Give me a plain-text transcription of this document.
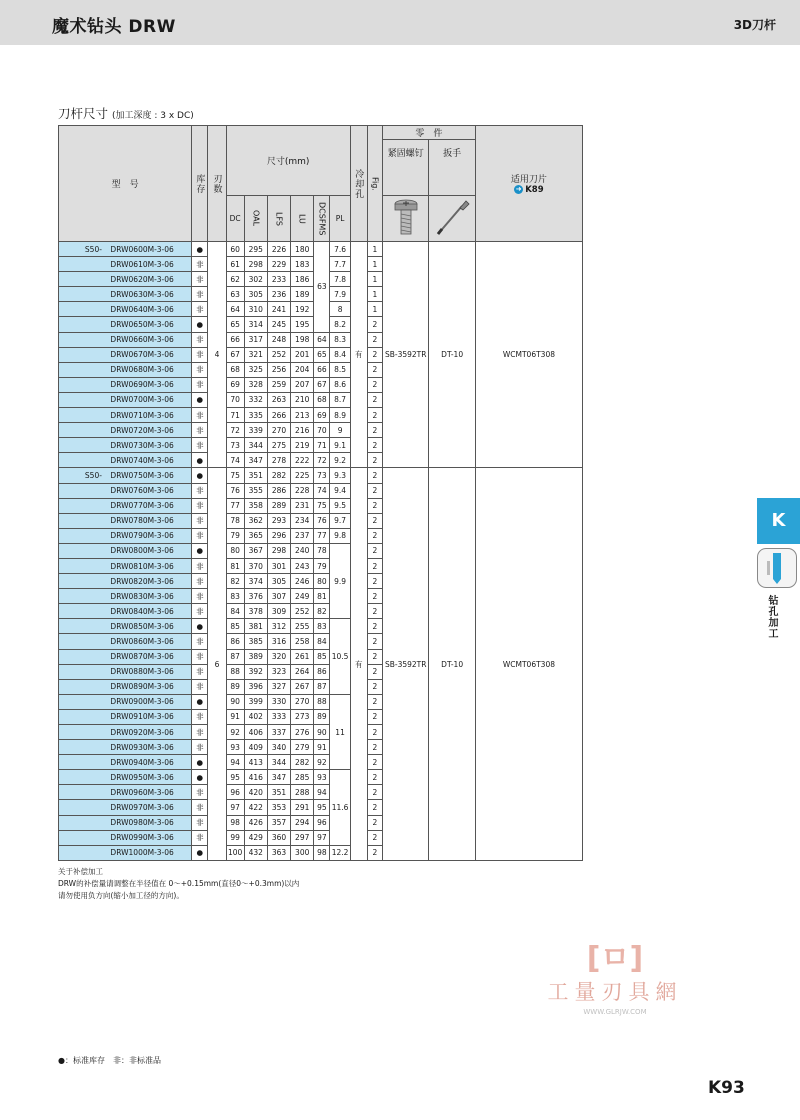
魔术钻头 DRW	3D刀杆
刀杆尺寸 (加工深度 : 3 x DC)
型　号	库存	刃数	尺寸(mm)						冷却孔	Fig.	零　件		适用刀片
➜ K89

											紧固螺钉	扳手	
			DC	OAL	LFS	LU	DCSFMS	PL		
S50- DRW0600M-3-06	●	4	60	295	226	180	63	7.6	有	1	SB-3592TR	DT-10	WCMT06T308
DRW0610M-3-06	非		61	298	229	183		7.7		1			
DRW0620M-3-06	非		62	302	233	186		7.8		1			
DRW0630M-3-06	非		63	305	236	189		7.9		1			
DRW0640M-3-06	非		64	310	241	192		8		1			
DRW0650M-3-06	●		65	314	245	195		8.2		2			
DRW0660M-3-06	非		66	317	248	198	64	8.3		2			
DRW0670M-3-06	非		67	321	252	201	65	8.4		2			
DRW0680M-3-06	非		68	325	256	204	66	8.5		2			
DRW0690M-3-06	非		69	328	259	207	67	8.6		2			
DRW0700M-3-06	●		70	332	263	210	68	8.7		2			
DRW0710M-3-06	非		71	335	266	213	69	8.9		2			
DRW0720M-3-06	非		72	339	270	216	70	9		2			
DRW0730M-3-06	非		73	344	275	219	71	9.1		2			
DRW0740M-3-06	●		74	347	278	222	72	9.2		2			
S50- DRW0750M-3-06	●	6	75	351	282	225	73	9.3	有	2	SB-3592TR	DT-10	WCMT06T308
DRW0760M-3-06	非		76	355	286	228	74	9.4		2			
DRW0770M-3-06	非		77	358	289	231	75	9.5		2			
DRW0780M-3-06	非		78	362	293	234	76	9.7		2			
DRW0790M-3-06	非		79	365	296	237	77	9.8		2			
DRW0800M-3-06	●		80	367	298	240	78	9.9		2			
DRW0810M-3-06	非		81	370	301	243	79			2			
DRW0820M-3-06	非		82	374	305	246	80			2			
DRW0830M-3-06	非		83	376	307	249	81			2			
DRW0840M-3-06	非		84	378	309	252	82			2			
DRW0850M-3-06	●		85	381	312	255	83	10.5		2			
DRW0860M-3-06	非		86	385	316	258	84			2			
DRW0870M-3-06	非		87	389	320	261	85			2			
DRW0880M-3-06	非		88	392	323	264	86			2			
DRW0890M-3-06	非		89	396	327	267	87			2			
DRW0900M-3-06	●		90	399	330	270	88	11		2			
DRW0910M-3-06	非		91	402	333	273	89			2			
DRW0920M-3-06	非		92	406	337	276	90			2			
DRW0930M-3-06	非		93	409	340	279	91			2			
DRW0940M-3-06	●		94	413	344	282	92			2			
DRW0950M-3-06	●		95	416	347	285	93	11.6		2			
DRW0960M-3-06	非		96	420	351	288	94			2			
DRW0970M-3-06	非		97	422	353	291	95			2			
DRW0980M-3-06	非		98	426	357	294	96			2			
DRW0990M-3-06	非		99	429	360	297	97			2			
DRW1000M-3-06	●		100	432	363	300	98	12.2		2			
关于补偿加工
DRW的补偿量请调整在半径值在 0～+0.15mm(直径0～+0.3mm)以内
请勿使用负方向(缩小加工径的方向)。
●：标准库存　非：非标准品
K93
K
钻孔加工
[ㅁ]
工量刃具網
WWW.GLRJW.COM
